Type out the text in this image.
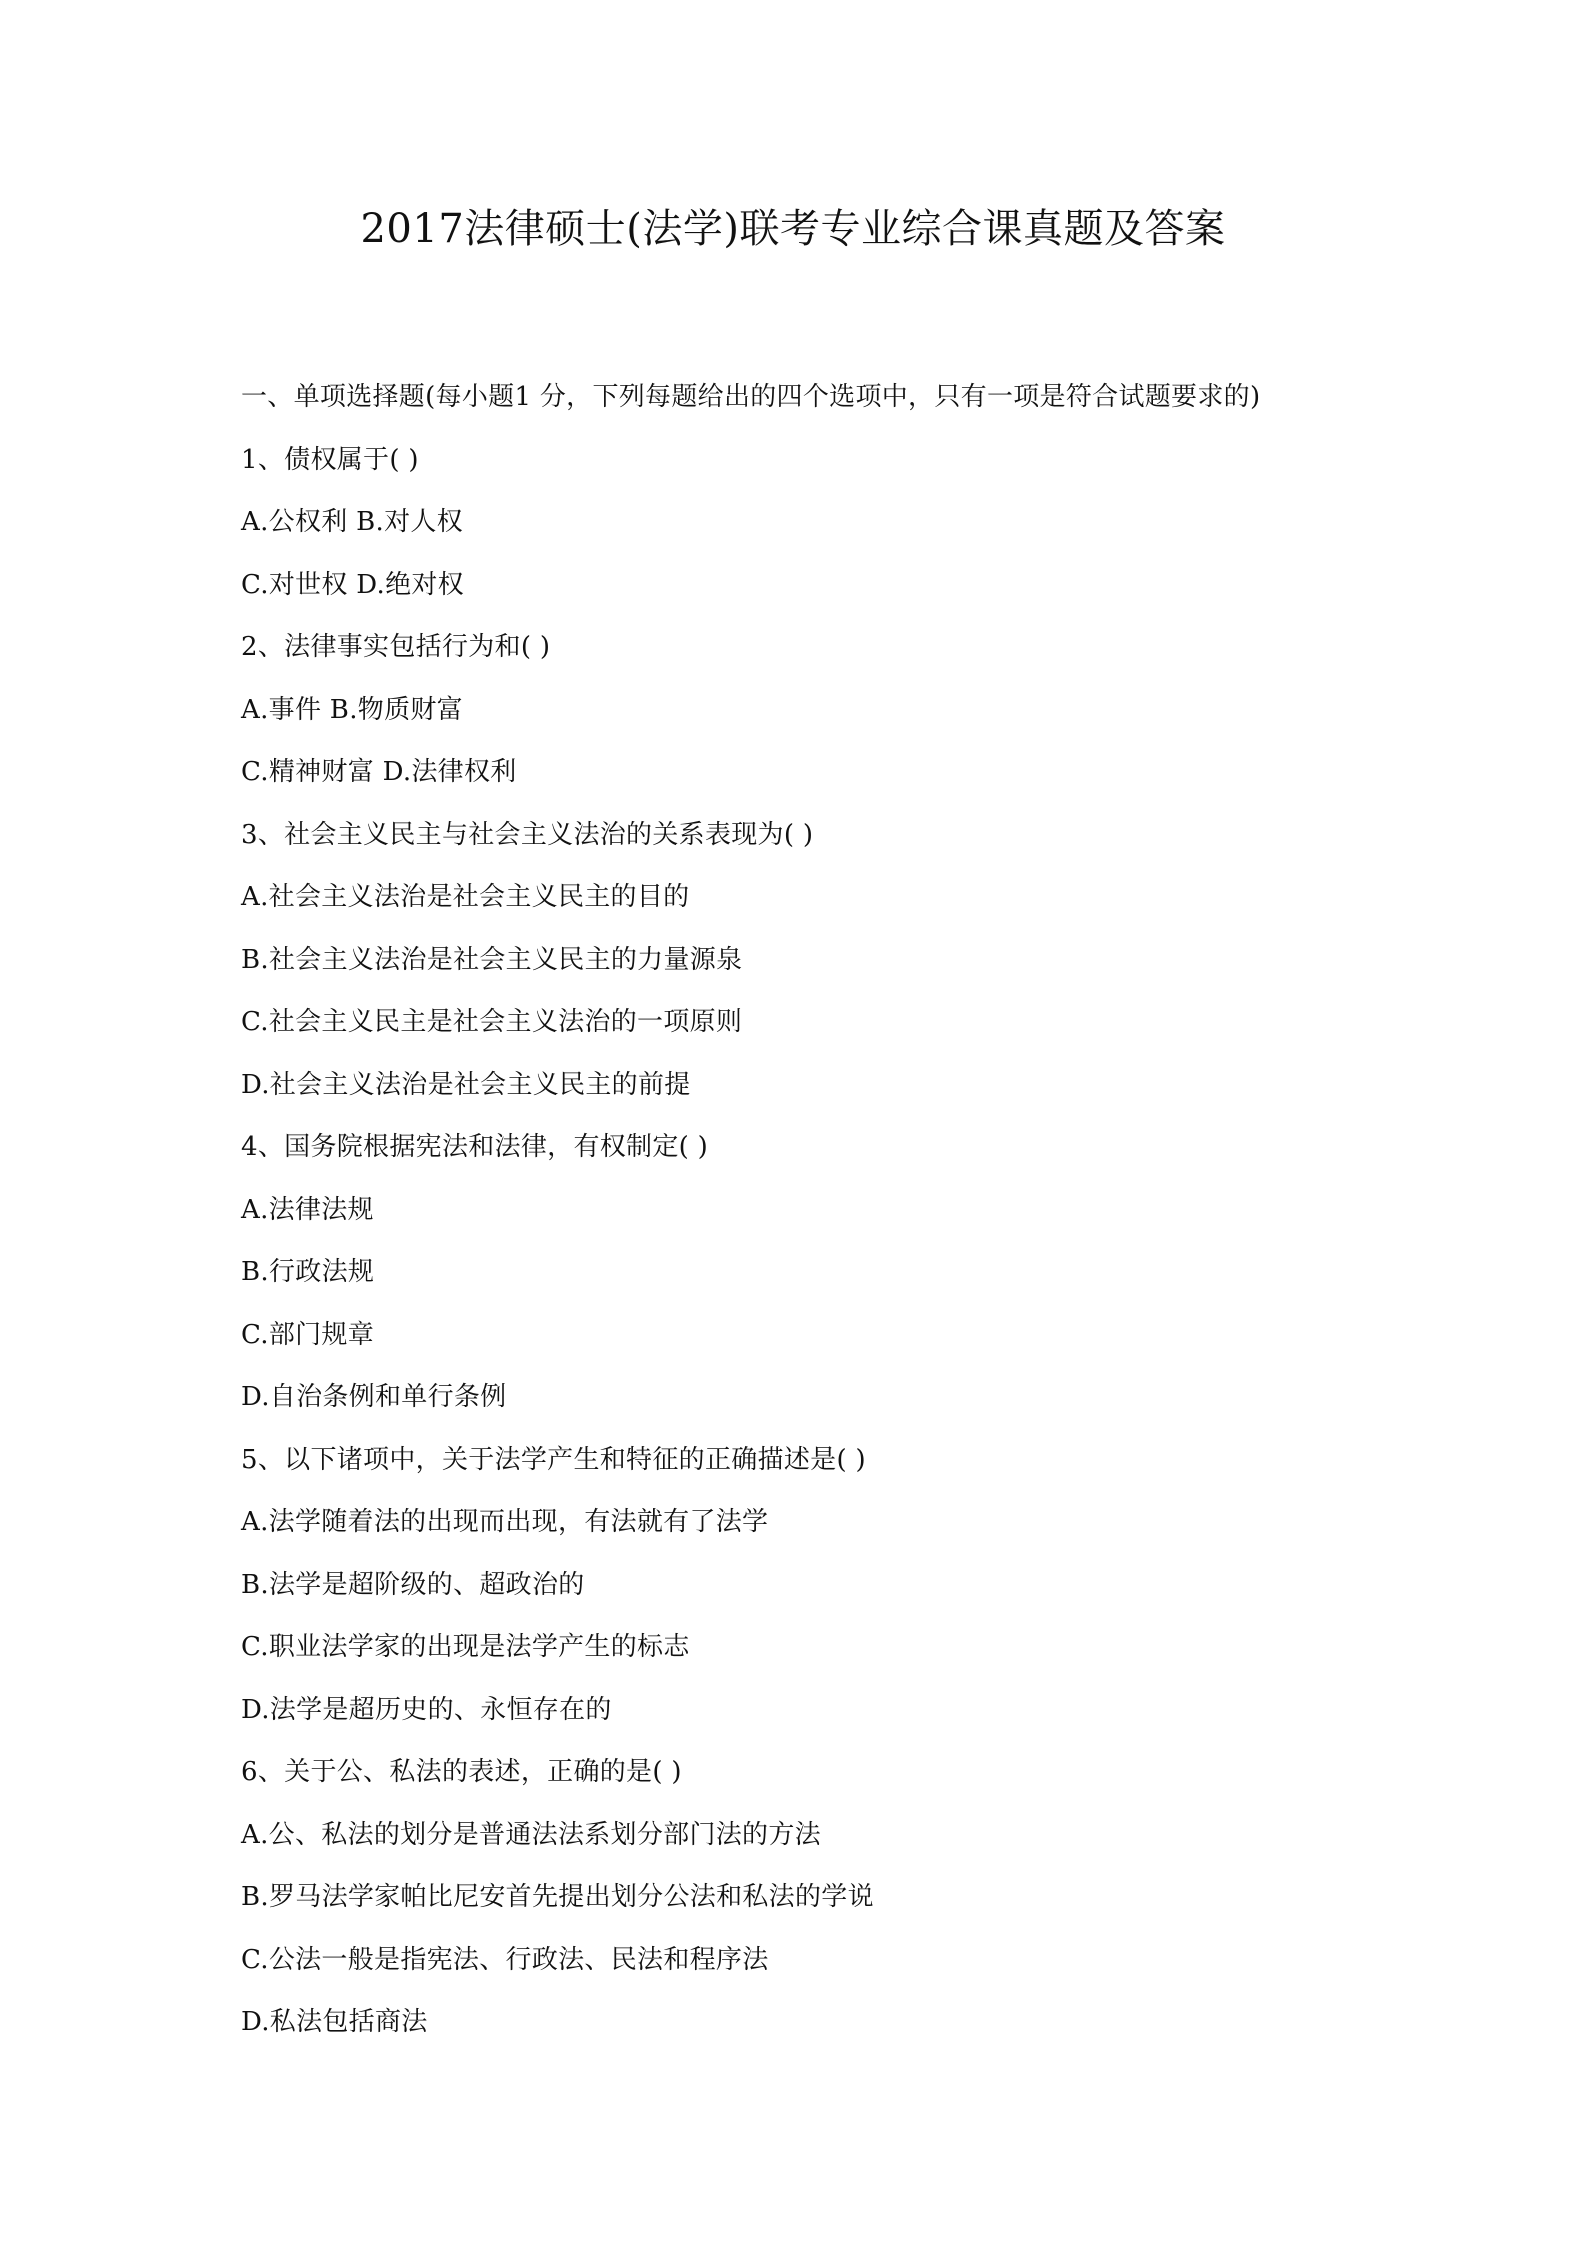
2017法律硕士(法学)联考专业综合课真题及答案
一、单项选择题(每小题1 分，下列每题给出的四个选项中，只有一项是符合试题要求的)
1、债权属于( )
A.公权利 B.对人权
C.对世权 D.绝对权
2、法律事实包括行为和( )
A.事件 B.物质财富
C.精神财富 D.法律权利
3、社会主义民主与社会主义法治的关系表现为( )
A.社会主义法治是社会主义民主的目的
B.社会主义法治是社会主义民主的力量源泉
C.社会主义民主是社会主义法治的一项原则
D.社会主义法治是社会主义民主的前提
4、国务院根据宪法和法律，有权制定( )
A.法律法规
B.行政法规
C.部门规章
D.自治条例和单行条例
5、以下诸项中，关于法学产生和特征的正确描述是( )
A.法学随着法的出现而出现，有法就有了法学
B.法学是超阶级的、超政治的
C.职业法学家的出现是法学产生的标志
D.法学是超历史的、永恒存在的
6、关于公、私法的表述，正确的是( )
A.公、私法的划分是普通法法系划分部门法的方法
B.罗马法学家帕比尼安首先提出划分公法和私法的学说
C.公法一般是指宪法、行政法、民法和程序法
D.私法包括商法
